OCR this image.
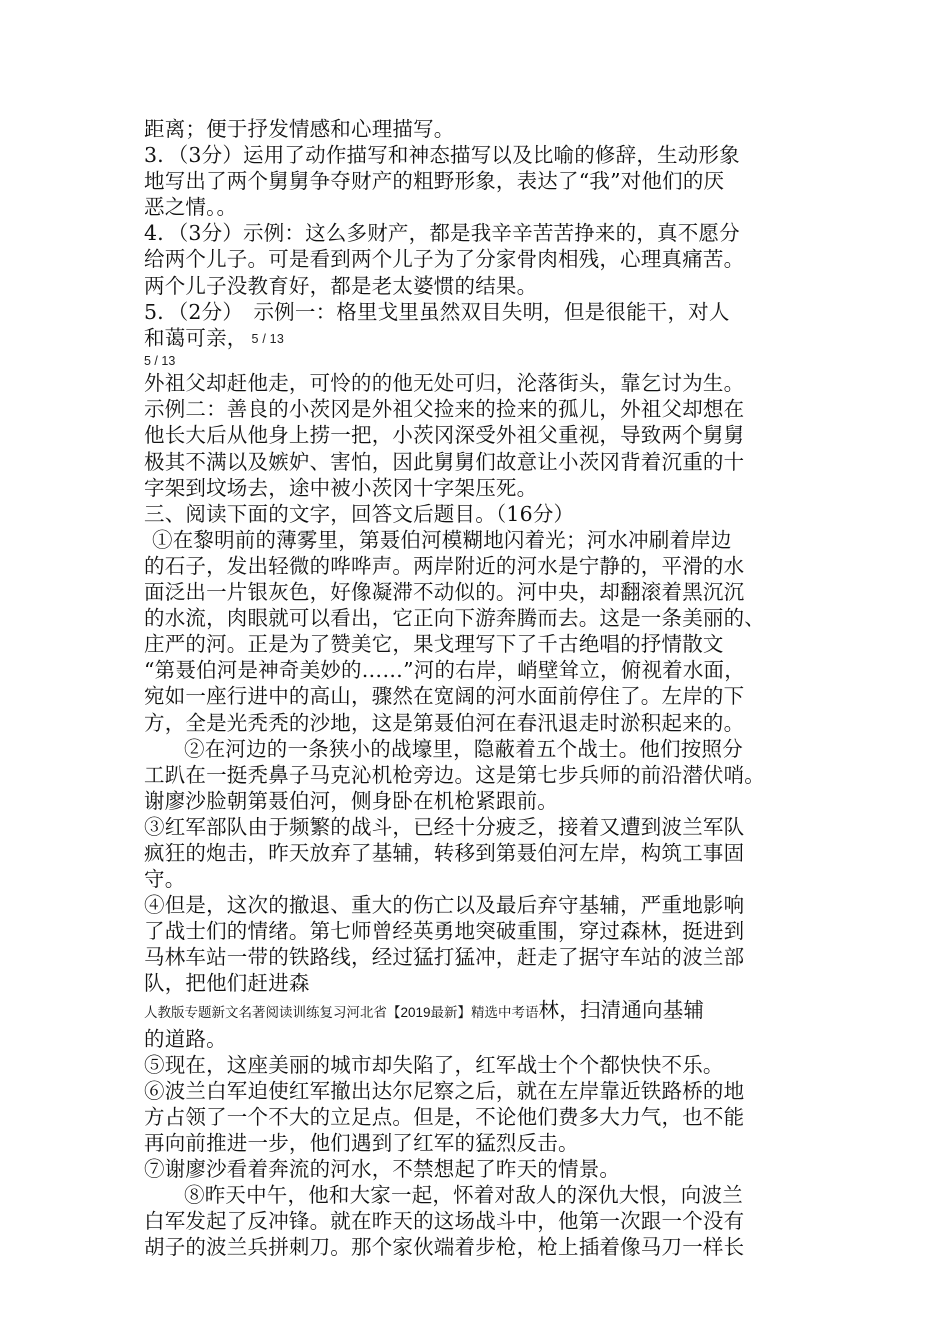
距离；便于抒发情感和心理描写。
3．（3分）运用了动作描写和神态描写以及比喻的修辞，生动形象
地写出了两个舅舅争夺财产的粗野形象，表达了“我”对他们的厌
恶之情。。
4．（3分）示例：这么多财产，都是我辛辛苦苦挣来的，真不愿分
给两个儿子。可是看到两个儿子为了分家骨肉相残，心理真痛苦。
两个儿子没教育好，都是老太婆惯的结果。
5．（2分）　示例一：格里戈里虽然双目失明，但是很能干，对人
和蔼可亲， 5 / 13
5 / 13
外祖父却赶他走，可怜的的他无处可归，沦落街头，靠乞讨为生。
示例二：善良的小茨冈是外祖父捡来的捡来的孤儿，外祖父却想在
他长大后从他身上捞一把，小茨冈深受外祖父重视，导致两个舅舅
极其不满以及嫉妒、害怕，因此舅舅们故意让小茨冈背着沉重的十
字架到坟场去，途中被小茨冈十字架压死。
三、阅读下面的文字，回答文后题目。（16分）
①在黎明前的薄雾里，第聂伯河模糊地闪着光；河水冲刷着岸边
的石子，发出轻微的哗哗声。两岸附近的河水是宁静的，平滑的水
面泛出一片银灰色，好像凝滞不动似的。河中央，却翻滚着黑沉沉
的水流，肉眼就可以看出，它正向下游奔腾而去。这是一条美丽的、
庄严的河。正是为了赞美它，果戈理写下了千古绝唱的抒情散文
“第聂伯河是神奇美妙的……”河的右岸，峭壁耸立，俯视着水面，
宛如一座行进中的高山，骤然在宽阔的河水面前停住了。左岸的下
方，全是光秃秃的沙地，这是第聂伯河在春汛退走时淤积起来的。
②在河边的一条狭小的战壕里，隐蔽着五个战士。他们按照分
工趴在一挺秃鼻子马克沁机枪旁边。这是第七步兵师的前沿潜伏哨。
谢廖沙脸朝第聂伯河，侧身卧在机枪紧跟前。
③红军部队由于频繁的战斗，已经十分疲乏，接着又遭到波兰军队
疯狂的炮击，昨天放弃了基辅，转移到第聂伯河左岸，构筑工事固
守。
④但是，这次的撤退、重大的伤亡以及最后弃守基辅，严重地影响
了战士们的情绪。第七师曾经英勇地突破重围，穿过森林，挺进到
马林车站一带的铁路线，经过猛打猛冲，赶走了据守车站的波兰部
队，把他们赶进森
人教版专题新文名著阅读训练复习河北省【2019最新】精选中考语林，扫清通向基辅
的道路。
⑤现在，这座美丽的城市却失陷了，红军战士个个都快快不乐。
⑥波兰白军迫使红军撤出达尔尼察之后，就在左岸靠近铁路桥的地
方占领了一个不大的立足点。但是，不论他们费多大力气，也不能
再向前推进一步，他们遇到了红军的猛烈反击。
⑦谢廖沙看着奔流的河水，不禁想起了昨天的情景。
⑧昨天中午，他和大家一起，怀着对敌人的深仇大恨，向波兰
白军发起了反冲锋。就在昨天的这场战斗中，他第一次跟一个没有
胡子的波兰兵拼刺刀。那个家伙端着步枪，枪上插着像马刀一样长
